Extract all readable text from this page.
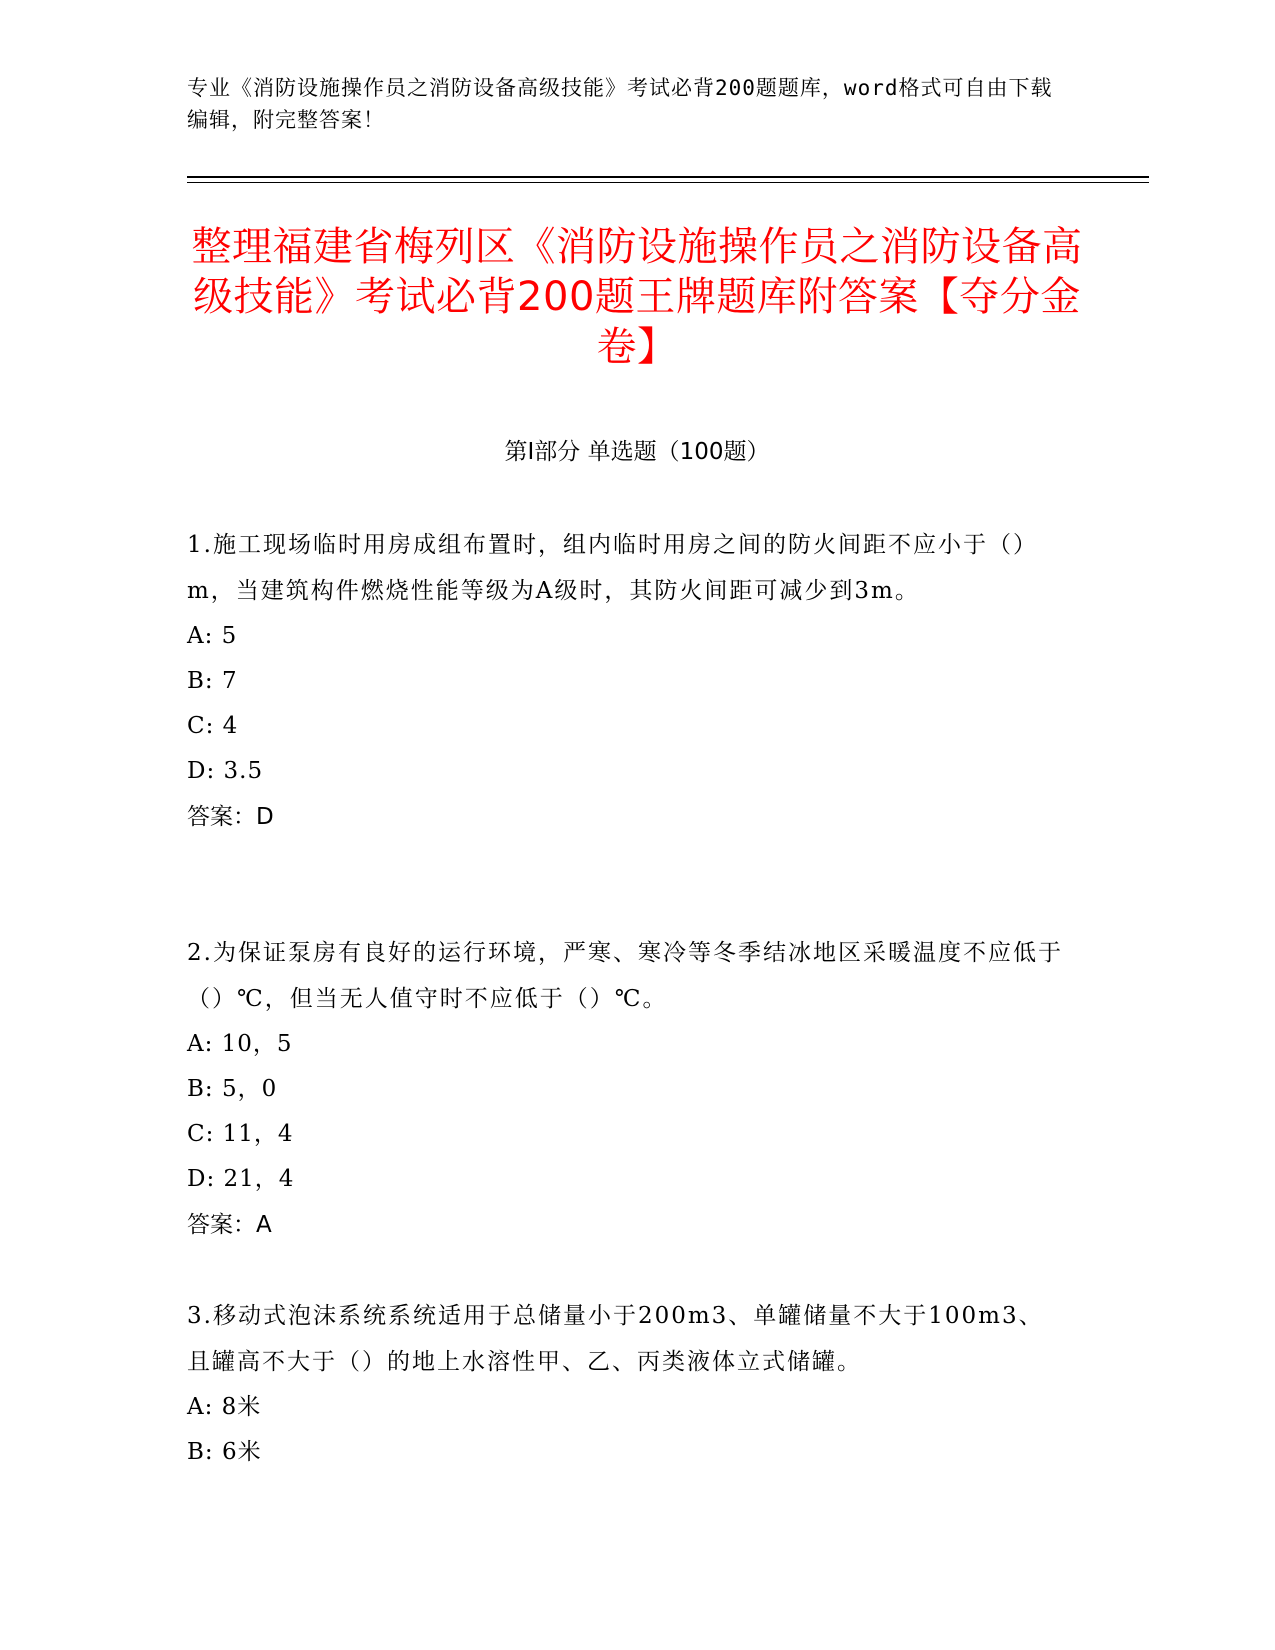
专业《消防设施操作员之消防设备高级技能》考试必背200题题库，word格式可自由下载编辑，附完整答案！
整理福建省梅列区《消防设施操作员之消防设备高级技能》考试必背200题王牌题库附答案【夺分金卷】
第Ⅰ部分 单选题（100题）
1.施工现场临时用房成组布置时，组内临时用房之间的防火间距不应小于（）m，当建筑构件燃烧性能等级为A级时，其防火间距可减少到3m。
A: 5
B: 7
C: 4
D: 3.5
答案：D
2.为保证泵房有良好的运行环境，严寒、寒冷等冬季结冰地区采暖温度不应低于（）℃，但当无人值守时不应低于（）℃。
A: 10，5
B: 5，0
C: 11，4
D: 21，4
答案：A
3.移动式泡沫系统系统适用于总储量小于200m3、单罐储量不大于100m3、且罐高不大于（）的地上水溶性甲、乙、丙类液体立式储罐。
A: 8米
B: 6米
